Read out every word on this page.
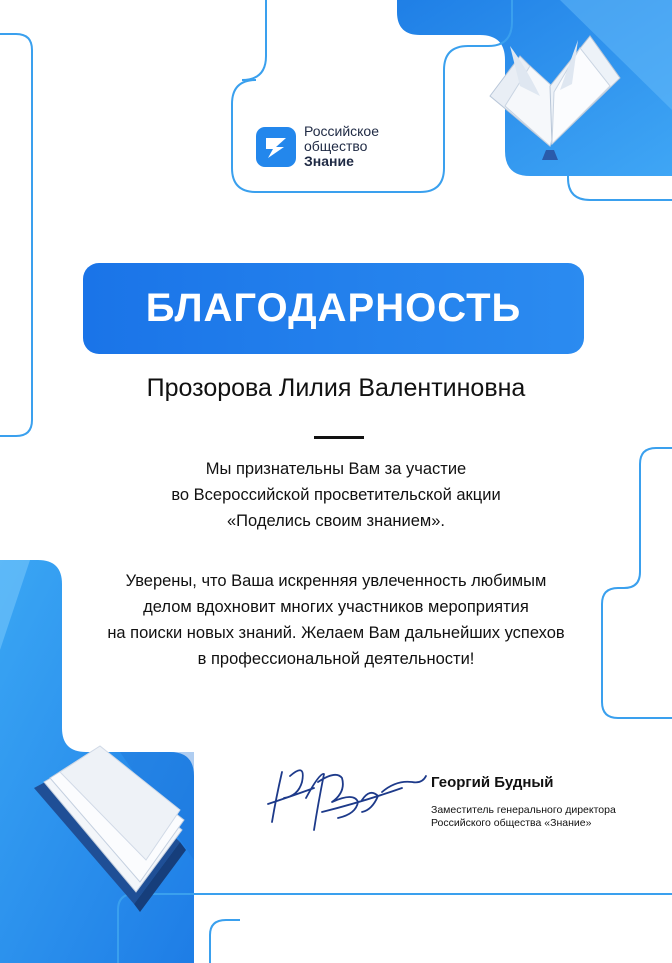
Российское
общество
Знание
БЛАГОДАРНОСТЬ
Прозорова Лилия Валентиновна
Мы признательны Вам за участие
во Всероссийской просветительской акции
«Поделись своим знанием».
Уверены, что Ваша искренняя увлеченность любимым
делом вдохновит многих участников мероприятия
на поиски новых знаний. Желаем Вам дальнейших успехов
в профессиональной деятельности!
Георгий Будный
Заместитель генерального директора
Российского общества «Знание»
